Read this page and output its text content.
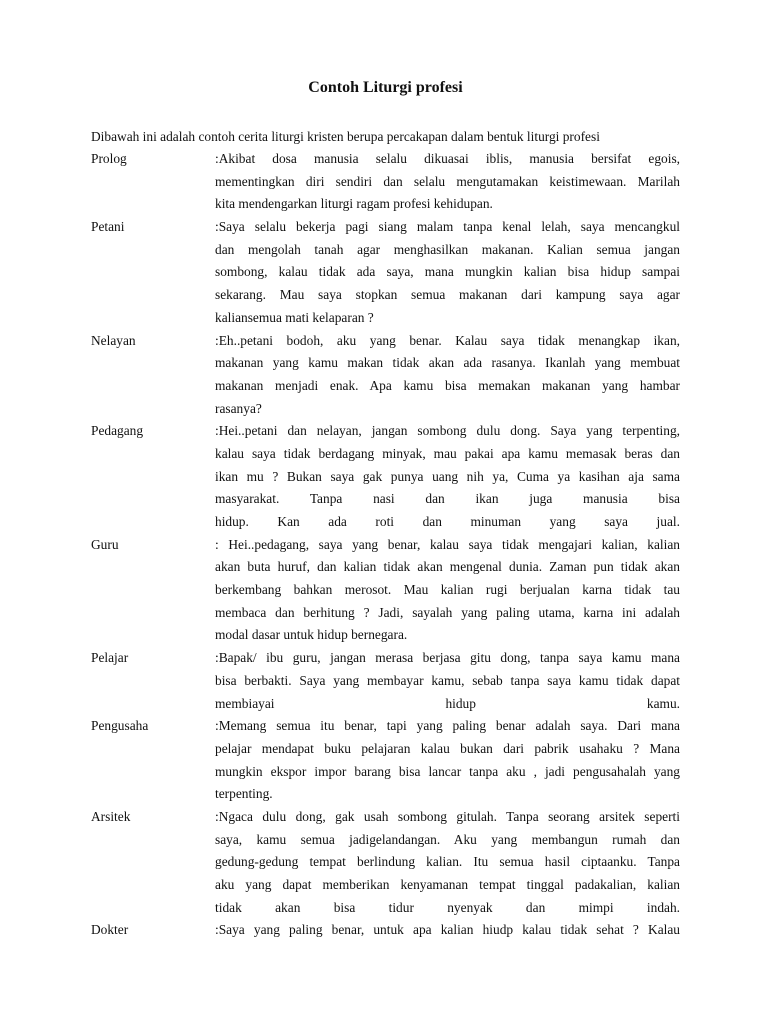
Contoh Liturgi profesi

Dibawah ini adalah contoh cerita liturgi kristen berupa percakapan dalam bentuk liturgi profesi

Prolog	:Akibat dosa manusia selalu dikuasai iblis, manusia bersifat egois,
mementingkan diri sendiri dan selalu mengutamakan keistimewaan. Marilah
kita mendengarkan liturgi ragam profesi kehidupan.
Petani	:Saya selalu bekerja pagi siang malam tanpa kenal lelah, saya mencangkul
dan mengolah tanah agar menghasilkan makanan. Kalian semua jangan
sombong, kalau tidak ada saya, mana mungkin kalian bisa hidup sampai
sekarang. Mau saya stopkan semua makanan dari kampung saya agar
kaliansemua mati kelaparan ?
Nelayan	:Eh..petani bodoh, aku yang benar. Kalau saya tidak menangkap ikan,
makanan yang kamu makan tidak akan ada rasanya. Ikanlah yang membuat
makanan menjadi enak. Apa kamu bisa memakan makanan yang hambar
rasanya?
Pedagang	:Hei..petani dan nelayan, jangan sombong dulu dong. Saya yang terpenting,
kalau saya tidak berdagang minyak, mau pakai apa kamu memasak beras dan
ikan mu ? Bukan saya gak punya uang nih ya, Cuma ya kasihan aja sama
masyarakat. Tanpa nasi dan ikan juga manusia bisa
hidup. Kan ada roti dan minuman yang saya jual.
Guru	: Hei..pedagang, saya yang benar, kalau saya tidak mengajari kalian, kalian
akan buta huruf, dan kalian tidak akan mengenal dunia. Zaman pun tidak akan
berkembang bahkan merosot. Mau kalian rugi berjualan karna tidak tau
membaca dan berhitung ? Jadi, sayalah yang paling utama, karna ini adalah
modal dasar untuk hidup bernegara.
Pelajar	:Bapak/ ibu guru, jangan merasa berjasa gitu dong, tanpa saya kamu mana
bisa berbakti. Saya yang membayar kamu, sebab tanpa saya kamu tidak dapat
membiayai hidup kamu.
Pengusaha	:Memang semua itu benar, tapi yang paling benar adalah saya. Dari mana
pelajar mendapat buku pelajaran kalau bukan dari pabrik usahaku ? Mana
mungkin ekspor impor barang bisa lancar tanpa aku , jadi pengusahalah yang
terpenting.
Arsitek	:Ngaca dulu dong, gak usah sombong gitulah. Tanpa seorang arsitek seperti
saya, kamu semua jadigelandangan. Aku yang membangun rumah dan
gedung-gedung tempat berlindung kalian. Itu semua hasil ciptaanku. Tanpa
aku yang dapat memberikan kenyamanan tempat tinggal padakalian, kalian
tidak akan bisa tidur nyenyak dan mimpi indah.
Dokter	:Saya yang paling benar, untuk apa kalian hiudp kalau tidak sehat ? Kalau
